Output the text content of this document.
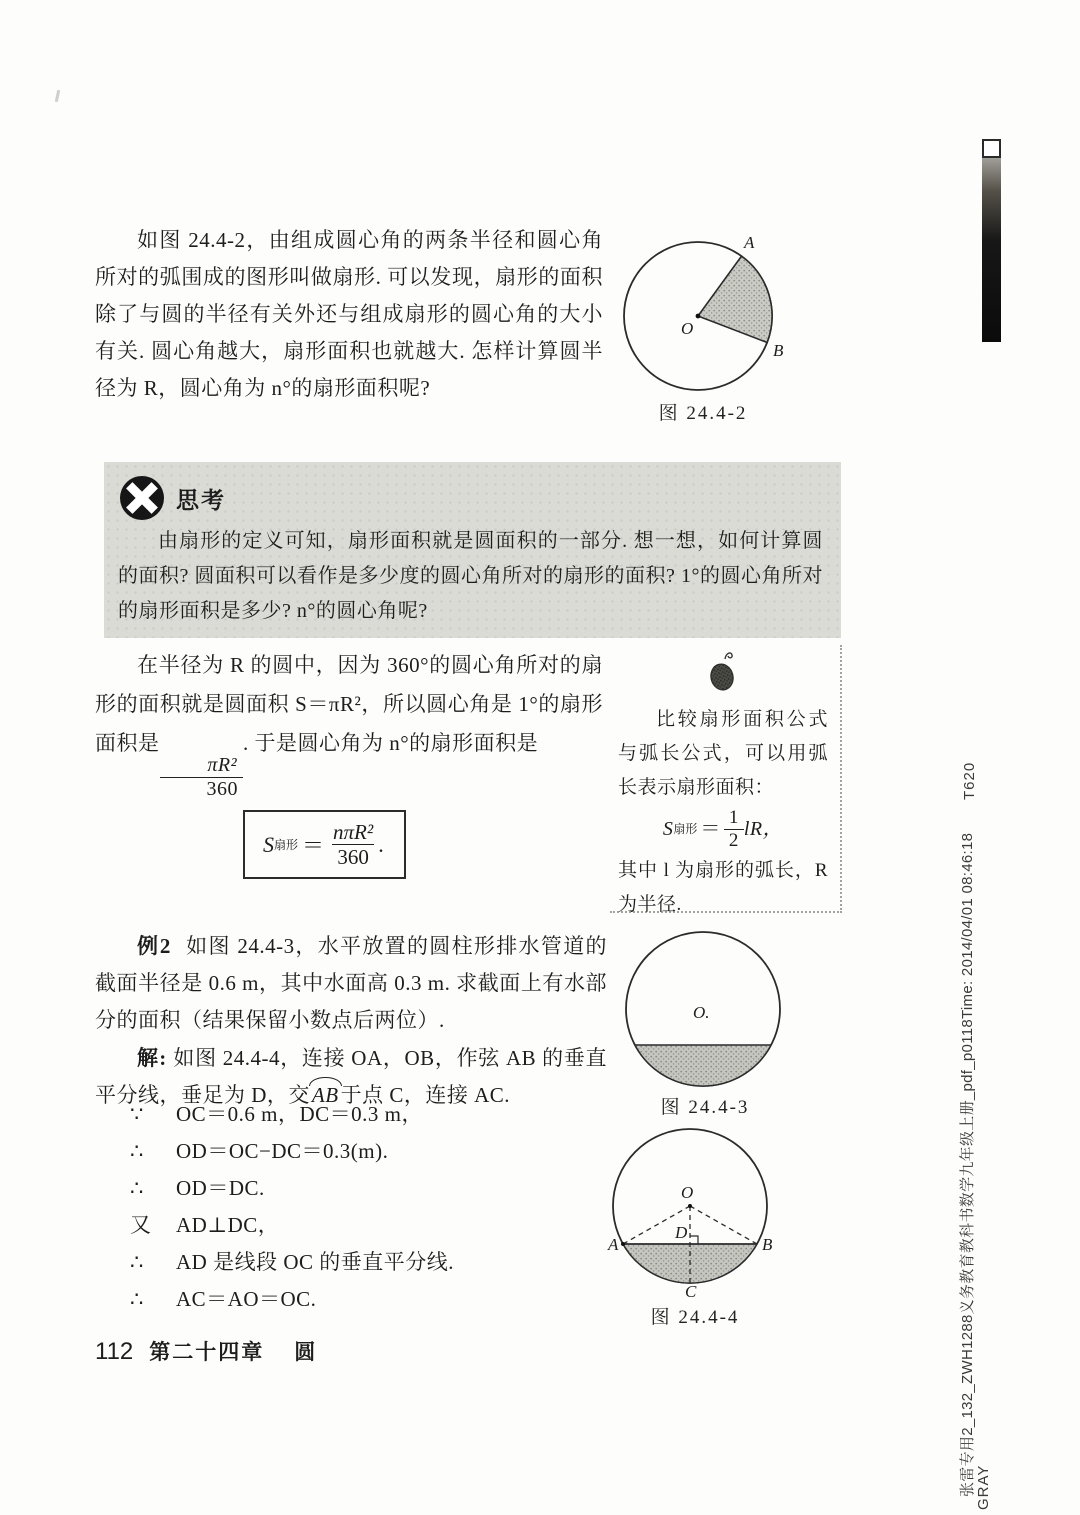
如图 24.4-2，由组成圆心角的两条半径和圆心角所对的弧围成的图形叫做扇形. 可以发现，扇形的面积除了与圆的半径有关外还与组成扇形的圆心角的大小有关. 圆心角越大，扇形面积也就越大. 怎样计算圆半径为 R，圆心角为 n°的扇形面积呢?

A
B
O
图 24.4-2
思考

由扇形的定义可知，扇形面积就是圆面积的一部分. 想一想，如何计算圆的面积? 圆面积可以看作是多少度的圆心角所对的扇形的面积? 1°的圆心角所对的扇形面积是多少? n°的圆心角呢?

在半径为 R 的圆中，因为 360°的圆心角所对的扇形的面积就是圆面积 S＝πR²，所以圆心角是 1°的扇形面积是
$\frac{\text{πR²}}{360}$
. 于是圆心角为 n°的扇形面积是

S 扇形 ＝ $\frac{\text{nπR²}}{360}$ .

比较扇形面积公式与弧长公式，可以用弧长表示扇形面积：

S 扇形 ＝ $\frac{1}{2}$ lR，

其中 l 为扇形的弧长，R 为半径.

T620
张雷专用2_132_ZWH1288义务教育教科书数学九年级上册_pdf_p0118Time: 2014/04/01 08:46:18 GRAY

例2 如图 24.4-3，水平放置的圆柱形排水管道的截面半径是 0.6 m，其中水面高 0.3 m. 求截面上有水部分的面积（结果保留小数点后两位）.

解: 如图 24.4-4，连接 OA，OB，作弦 AB 的垂直平分线，垂足为 D，交AB于点 C，连接 AC.

∵	OC＝0.6 m，DC＝0.3 m，
∴	OD＝OC−DC＝0.3(m).
∴	OD＝DC.
又	AD⊥DC，
∴	AD 是线段 OC 的垂直平分线.
∴	AC＝AO＝OC.
O.
图 24.4-3
O
A	B
D
C
图 24.4-4
112 第二十四章 圆
